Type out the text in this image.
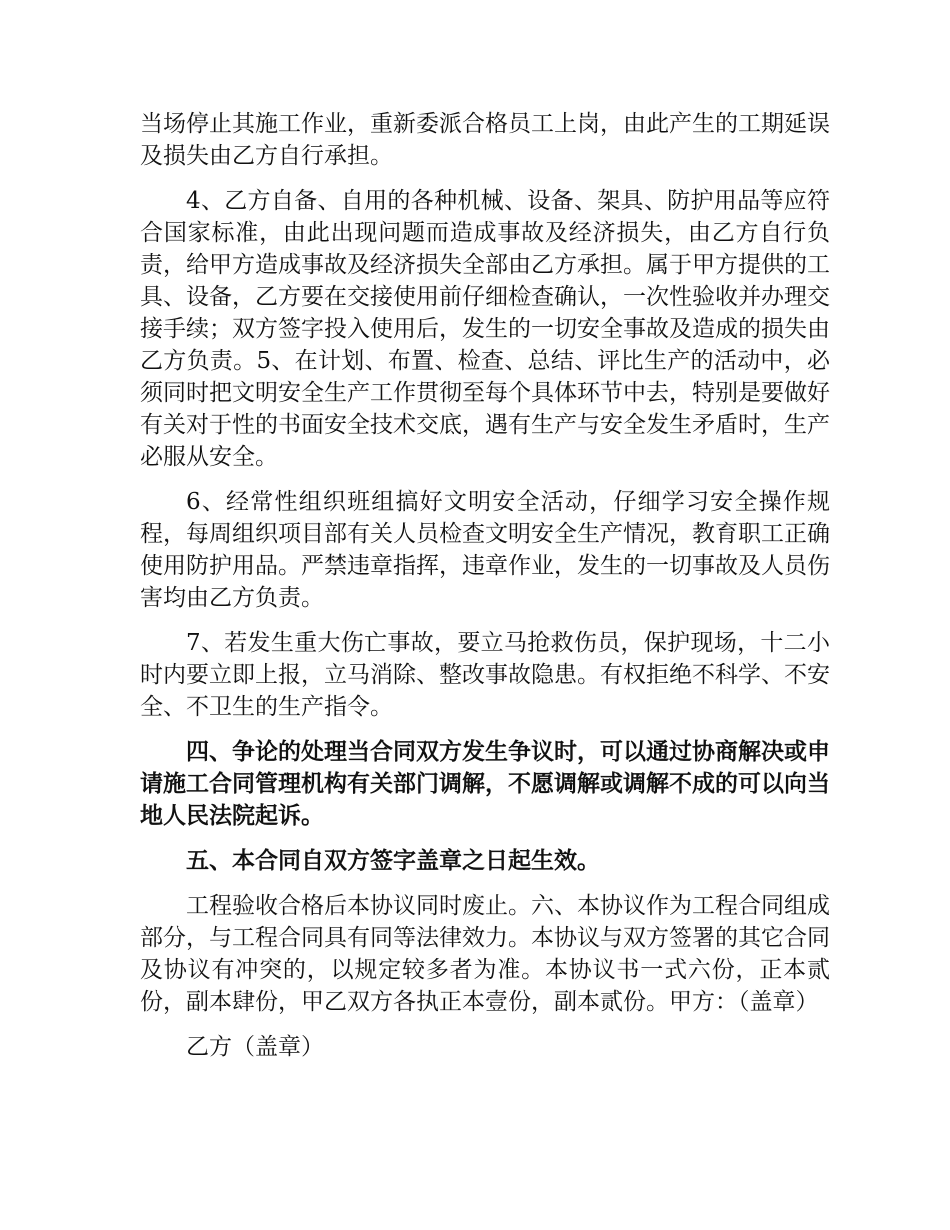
当场停止其施工作业，重新委派合格员工上岗，由此产生的工期延误及损失由乙方自行承担。

4、乙方自备、自用的各种机械、设备、架具、防护用品等应符合国家标准，由此出现问题而造成事故及经济损失，由乙方自行负责，给甲方造成事故及经济损失全部由乙方承担。属于甲方提供的工具、设备，乙方要在交接使用前仔细检查确认，一次性验收并办理交接手续；双方签字投入使用后，发生的一切安全事故及造成的损失由乙方负责。5、在计划、布置、检查、总结、评比生产的活动中，必须同时把文明安全生产工作贯彻至每个具体环节中去，特别是要做好有关对于性的书面安全技术交底，遇有生产与安全发生矛盾时，生产必服从安全。

6、经常性组织班组搞好文明安全活动，仔细学习安全操作规程，每周组织项目部有关人员检查文明安全生产情况，教育职工正确使用防护用品。严禁违章指挥，违章作业，发生的一切事故及人员伤害均由乙方负责。

7、若发生重大伤亡事故，要立马抢救伤员，保护现场，十二小时内要立即上报，立马消除、整改事故隐患。有权拒绝不科学、不安全、不卫生的生产指令。

四、争论的处理当合同双方发生争议时，可以通过协商解决或申请施工合同管理机构有关部门调解，不愿调解或调解不成的可以向当地人民法院起诉。

五、本合同自双方签字盖章之日起生效。

工程验收合格后本协议同时废止。六、本协议作为工程合同组成部分，与工程合同具有同等法律效力。本协议与双方签署的其它合同及协议有冲突的，以规定较多者为准。本协议书一式六份，正本贰份，副本肆份，甲乙双方各执正本壹份，副本贰份。甲方：（盖章）

乙方（盖章）
